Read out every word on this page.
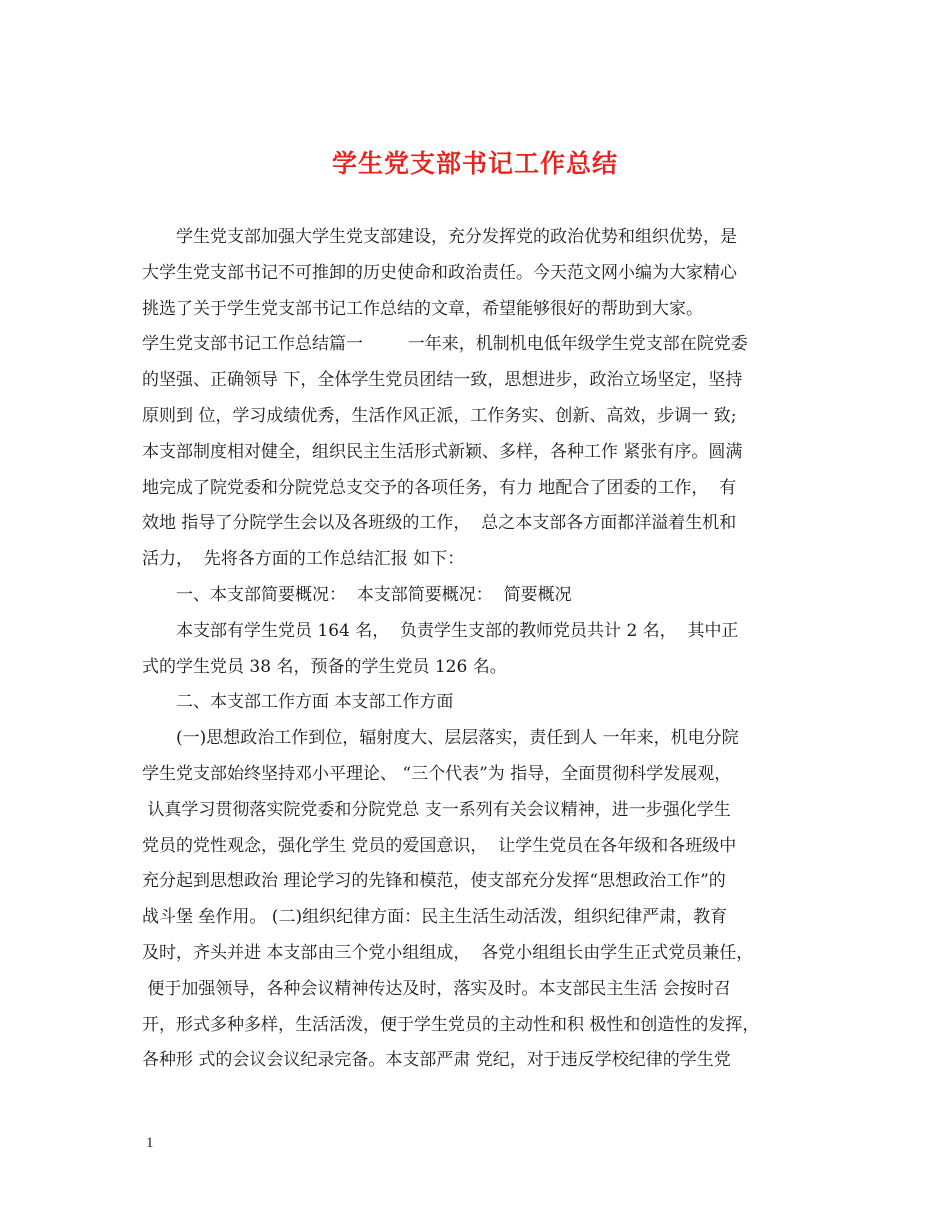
学生党支部书记工作总结
学生党支部加强大学生党支部建设，充分发挥党的政治优势和组织优势，是
大学生党支部书记不可推卸的历史使命和政治责任。今天范文网小编为大家精心
挑选了关于学生党支部书记工作总结的文章，希望能够很好的帮助到大家。
学生党支部书记工作总结篇一　　  一年来，机制机电低年级学生党支部在院党委
的坚强、正确领导 下，全体学生党员团结一致，思想进步，政治立场坚定，坚持
原则到 位，学习成绩优秀，生活作风正派，工作务实、创新、高效，步调一 致;
本支部制度相对健全，组织民主生活形式新颖、多样，各种工作 紧张有序。圆满
地完成了院党委和分院党总支交予的各项任务，有力 地配合了团委的工作，  有
效地 指导了分院学生会以及各班级的工作，  总之本支部各方面都洋溢着生机和
活力，  先将各方面的工作总结汇报 如下：
一、本支部简要概况：  本支部简要概况：  简要概况
本支部有学生党员 164 名，  负责学生支部的教师党员共计 2 名，  其中正
式的学生党员 38 名，预备的学生党员 126 名。
二、本支部工作方面 本支部工作方面
(一)思想政治工作到位，辐射度大、层层落实，责任到人 一年来，机电分院
学生党支部始终坚持邓小平理论、 “三个代表”为 指导，全面贯彻科学发展观，
认真学习贯彻落实院党委和分院党总 支一系列有关会议精神，进一步强化学生
党员的党性观念，强化学生 党员的爱国意识，  让学生党员在各年级和各班级中
充分起到思想政治 理论学习的先锋和模范，使支部充分发挥“思想政治工作”的
战斗堡 垒作用。 (二)组织纪律方面：民主生活生动活泼，组织纪律严肃，教育
及时，齐头并进 本支部由三个党小组组成，  各党小组组长由学生正式党员兼任，
便于加强领导，各种会议精神传达及时，落实及时。本支部民主生活 会按时召
开，形式多种多样，生活活泼，便于学生党员的主动性和积 极性和创造性的发挥，
各种形 式的会议会议纪录完备。本支部严肃 党纪，对于违反学校纪律的学生党
1
